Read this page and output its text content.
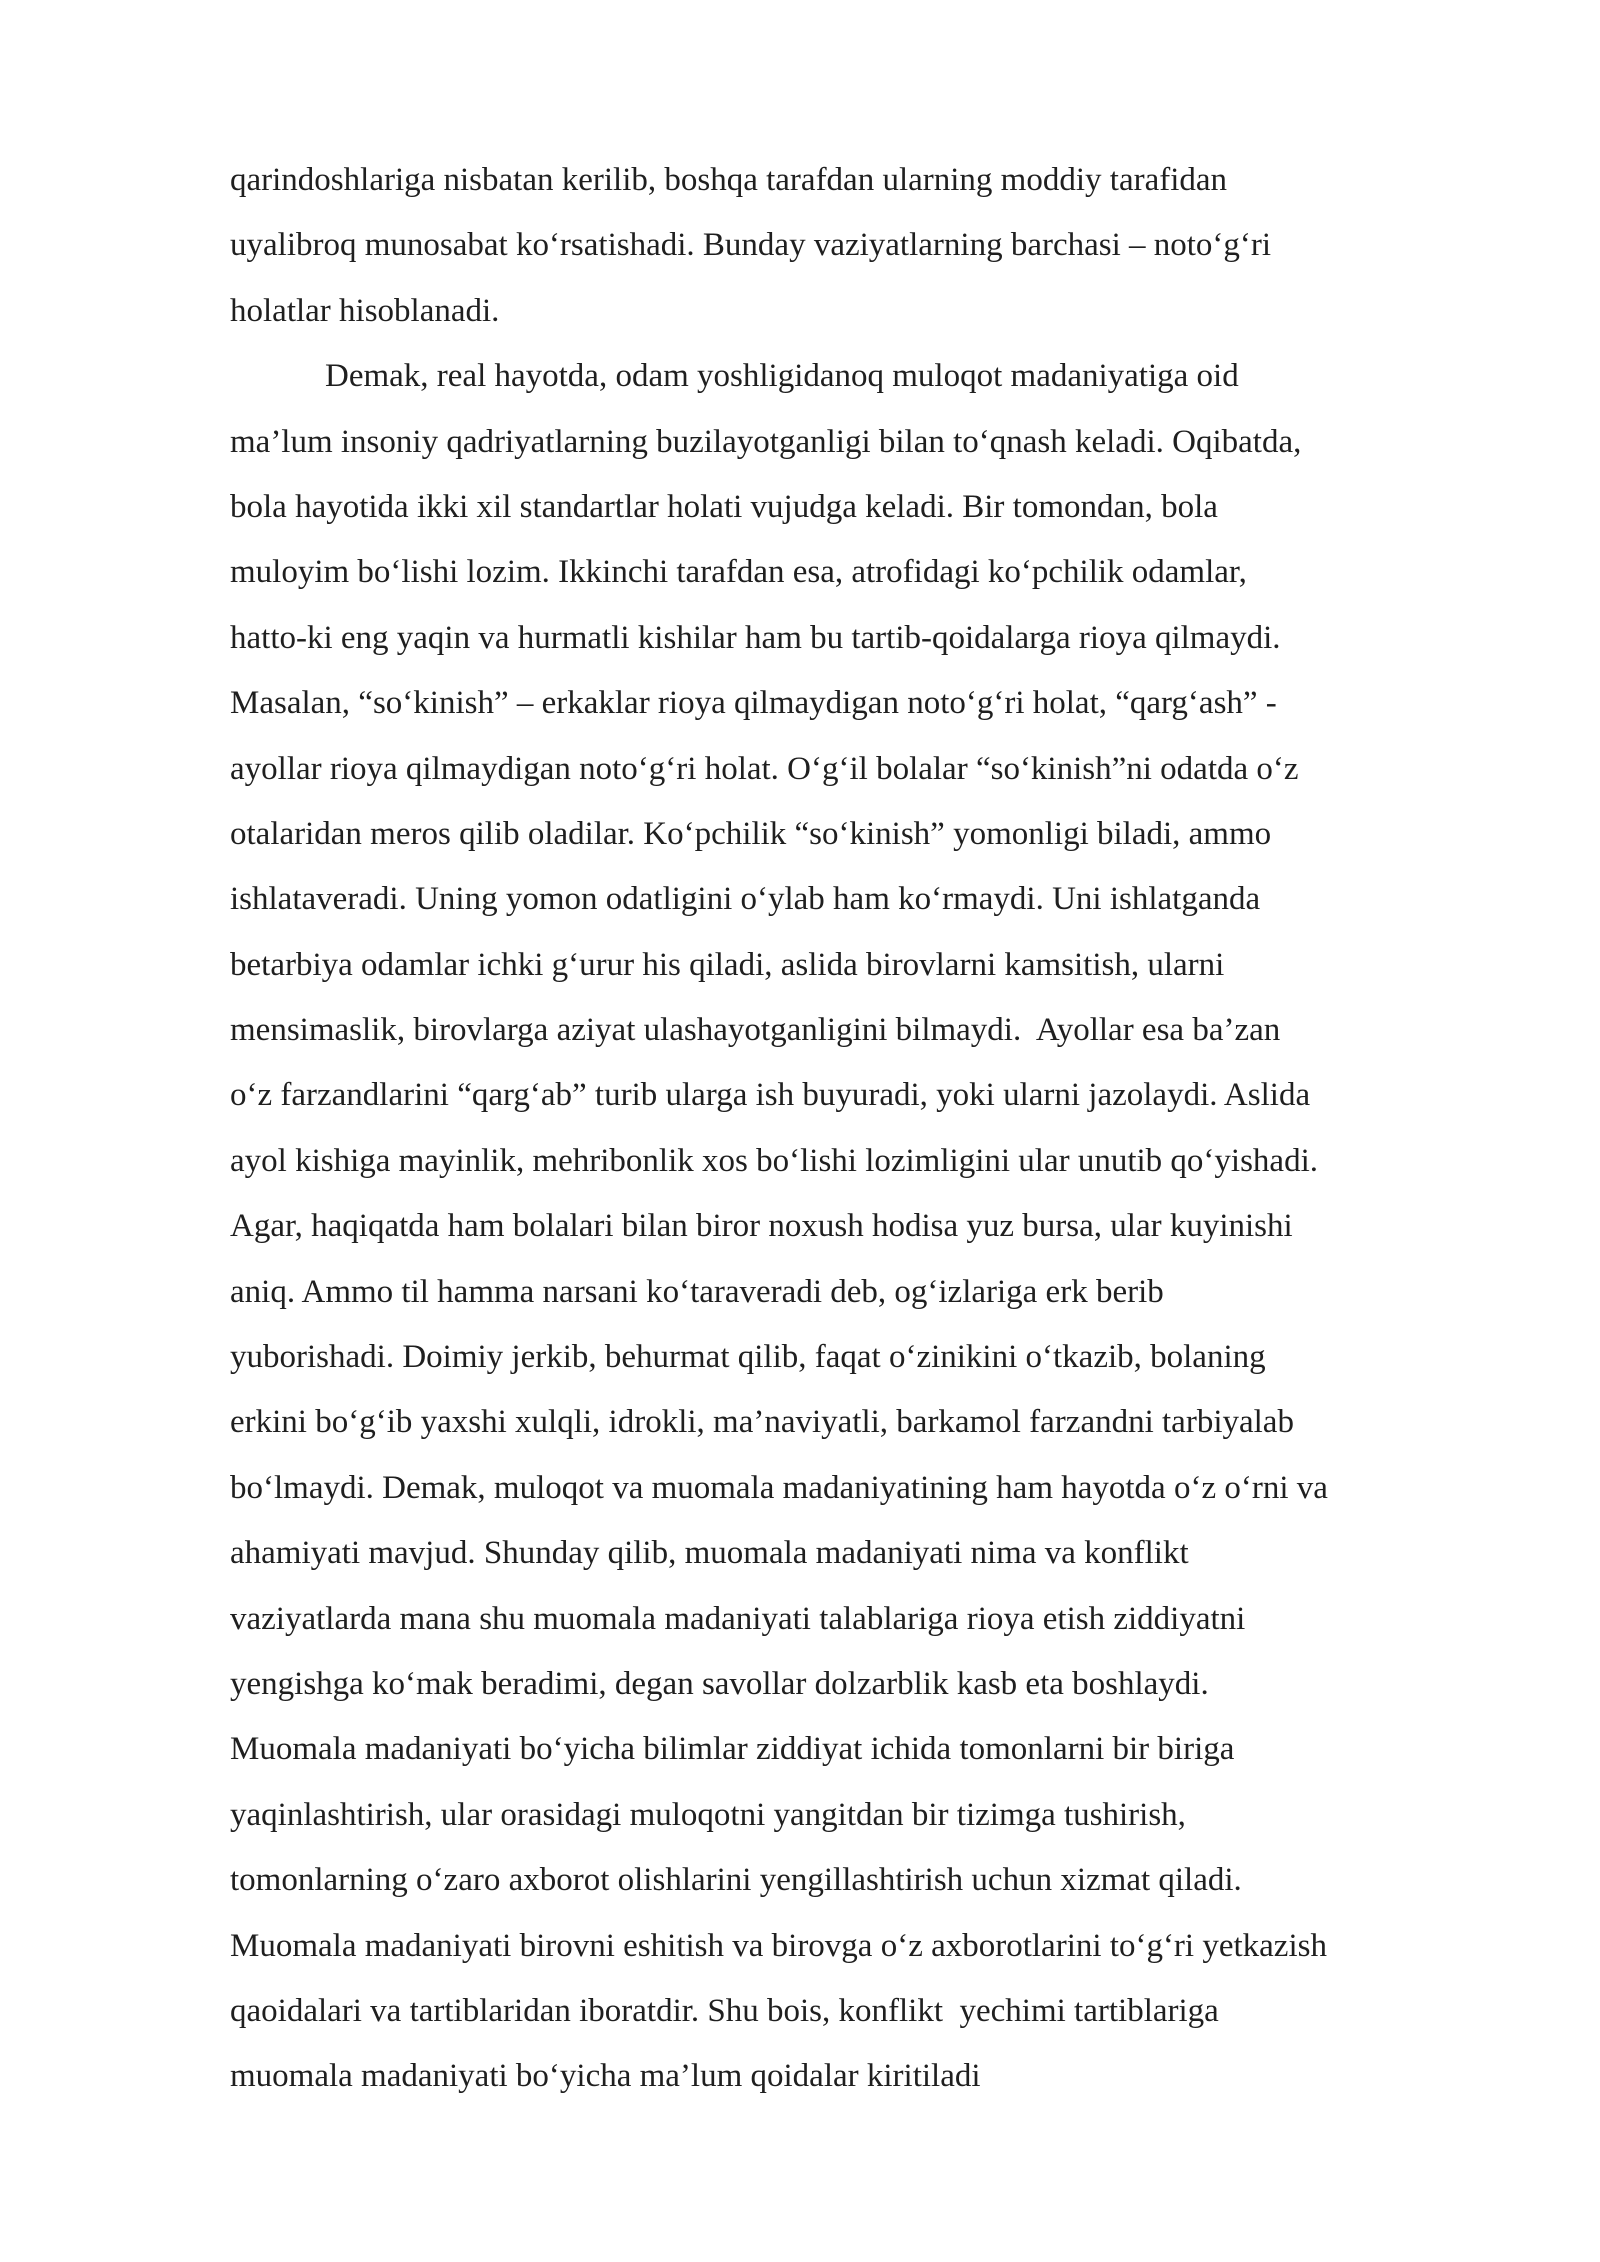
qarindoshlariga nisbatan kerilib, boshqa tarafdan ularning moddiy tarafidan
uyalibroq munosabat ko‘rsatishadi. Bunday vaziyatlarning barchasi – noto‘g‘ri
holatlar hisoblanadi.
Demak, real hayotda, odam yoshligidanoq muloqot madaniyatiga oid
ma’lum insoniy qadriyatlarning buzilayotganligi bilan to‘qnash keladi. Oqibatda,
bola hayotida ikki xil standartlar holati vujudga keladi. Bir tomondan, bola
muloyim bo‘lishi lozim. Ikkinchi tarafdan esa, atrofidagi ko‘pchilik odamlar,
hatto-ki eng yaqin va hurmatli kishilar ham bu tartib-qoidalarga rioya qilmaydi.
Masalan, “so‘kinish” – erkaklar rioya qilmaydigan noto‘g‘ri holat, “qarg‘ash” -
ayollar rioya qilmaydigan noto‘g‘ri holat. O‘g‘il bolalar “so‘kinish”ni odatda o‘z
otalaridan meros qilib oladilar. Ko‘pchilik “so‘kinish” yomonligi biladi, ammo
ishlataveradi. Uning yomon odatligini o‘ylab ham ko‘rmaydi. Uni ishlatganda
betarbiya odamlar ichki g‘urur his qiladi, aslida birovlarni kamsitish, ularni
mensimaslik, birovlarga aziyat ulashayotganligini bilmaydi.  Ayollar esa ba’zan
o‘z farzandlarini “qarg‘ab” turib ularga ish buyuradi, yoki ularni jazolaydi. Aslida
ayol kishiga mayinlik, mehribonlik xos bo‘lishi lozimligini ular unutib qo‘yishadi.
Agar, haqiqatda ham bolalari bilan biror noxush hodisa yuz bursa, ular kuyinishi
aniq. Ammo til hamma narsani ko‘taraveradi deb, og‘izlariga erk berib
yuborishadi. Doimiy jerkib, behurmat qilib, faqat o‘zinikini o‘tkazib, bolaning
erkini bo‘g‘ib yaxshi xulqli, idrokli, ma’naviyatli, barkamol farzandni tarbiyalab
bo‘lmaydi. Demak, muloqot va muomala madaniyatining ham hayotda o‘z o‘rni va
ahamiyati mavjud. Shunday qilib, muomala madaniyati nima va konflikt
vaziyatlarda mana shu muomala madaniyati talablariga rioya etish ziddiyatni
yengishga ko‘mak beradimi, degan savollar dolzarblik kasb eta boshlaydi.
Muomala madaniyati bo‘yicha bilimlar ziddiyat ichida tomonlarni bir biriga
yaqinlashtirish, ular orasidagi muloqotni yangitdan bir tizimga tushirish,
tomonlarning o‘zaro axborot olishlarini yengillashtirish uchun xizmat qiladi.
Muomala madaniyati birovni eshitish va birovga o‘z axborotlarini to‘g‘ri yetkazish
qaoidalari va tartiblaridan iboratdir. Shu bois, konflikt  yechimi tartiblariga
muomala madaniyati bo‘yicha ma’lum qoidalar kiritiladi
